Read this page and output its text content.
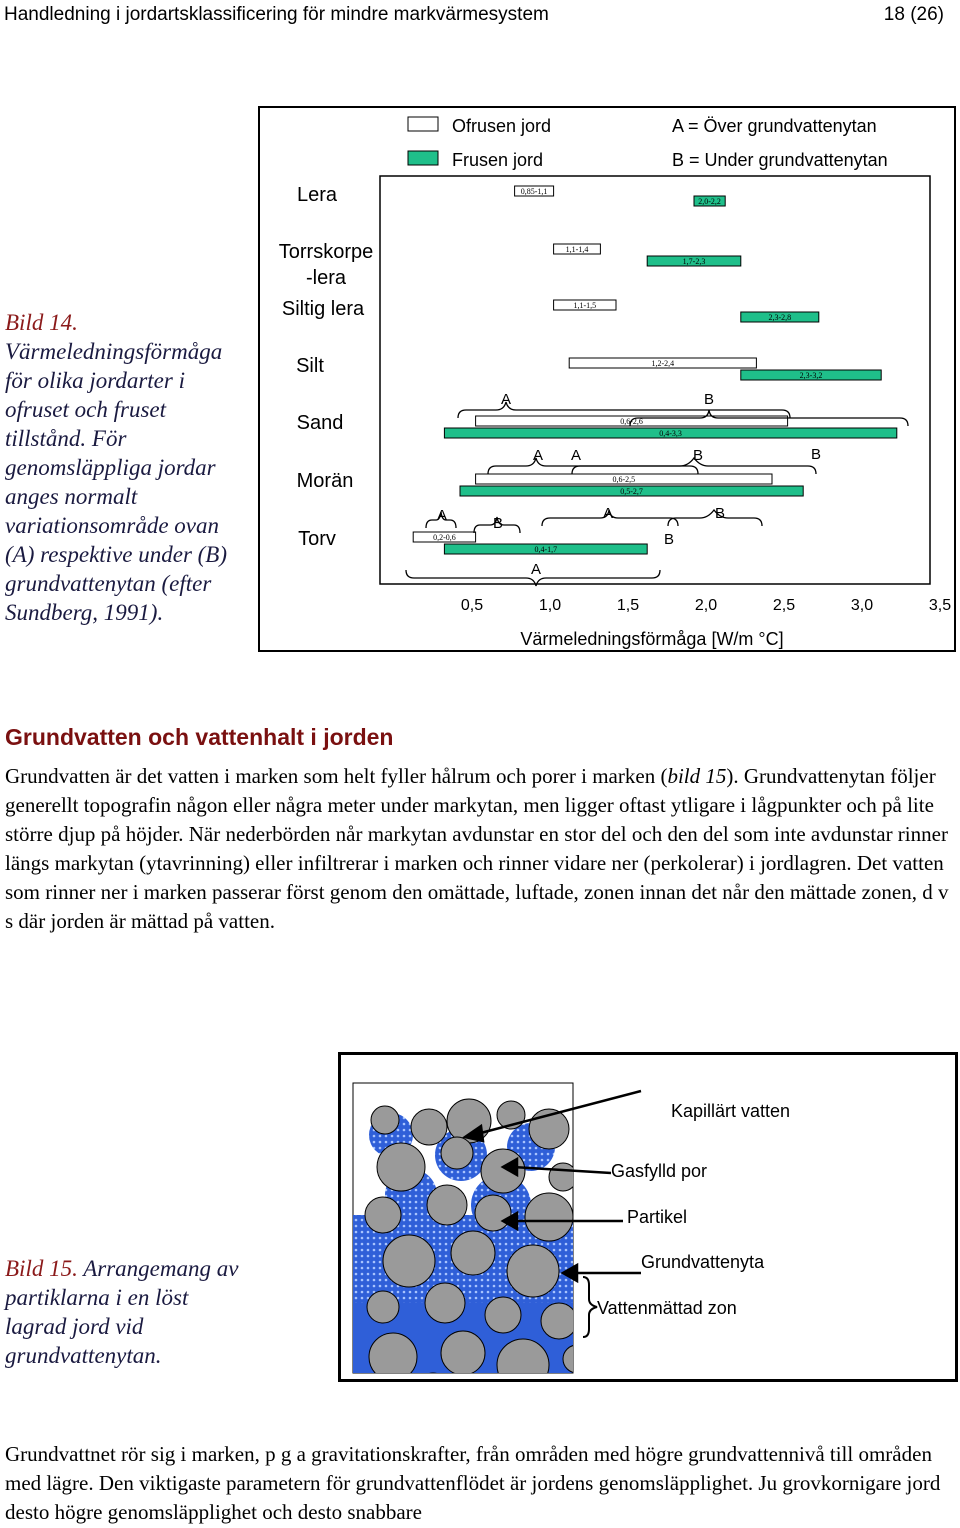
Handledning i jordartsklassificering för mindre markvärmesystem	18 (26)
Bild 14. Värmeledningsförmåga för olika jordarter i ofruset och fruset tillstånd. För genomsläppliga jordar anges normalt variationsområde ovan (A) respektive under (B) grundvattenytan (efter Sundberg, 1991).
Ofrusen jord
Frusen jord
A = Över grundvattenytan
B = Under grundvattenytan
Lera
Torrskorpe
-lera
Siltig lera
Silt
Sand
Morän
Torv
0,85-1,1
2,0-2,2
1,1-1,4
1,7-2,3
1,1-1,5
2,3-2,8
1,2-2,4
2,3-3,2
0,6-2,6
0,4-3,3
0,6-2,5
0,5-2,7
0,2-0,6
0,4-1,7
A	B
A A	B	B
A	B
A	B
B
A
0,5	1,0	1,5	2,0	2,5	3,0	3,5
Värmeledningsförmåga [W/m °C]
Grundvatten och vattenhalt i jorden

Grundvatten är det vatten i marken som helt fyller hålrum och porer i marken (bild 15). Grundvattenytan följer generellt topografin någon eller några meter under markytan, men ligger oftast ytligare i lågpunkter och på lite större djup på höjder. När nederbörden når markytan avdunstar en stor del och den del som inte avdunstar rinner längs markytan (ytavrinning) eller infiltrerar i marken och rinner vidare ner (perkolerar) i jordlagren. Det vatten som rinner ner i marken passerar först genom den omättade, luftade, zonen innan det når den mättade zonen, d v s där jorden är mättad på vatten.

Bild 15. Arrangemang av partiklarna i en löst lagrad jord vid grundvattenytan.
Kapillärt vatten
Gasfylld por
Partikel
Grundvattenyta
Vattenmättad zon

Grundvattnet rör sig i marken, p g a gravitationskrafter, från områden med högre grundvattennivå till områden med lägre. Den viktigaste parametern för grundvattenflödet är jordens genomsläpplighet. Ju grovkornigare jord desto högre genomsläpplighet och desto snabbare
